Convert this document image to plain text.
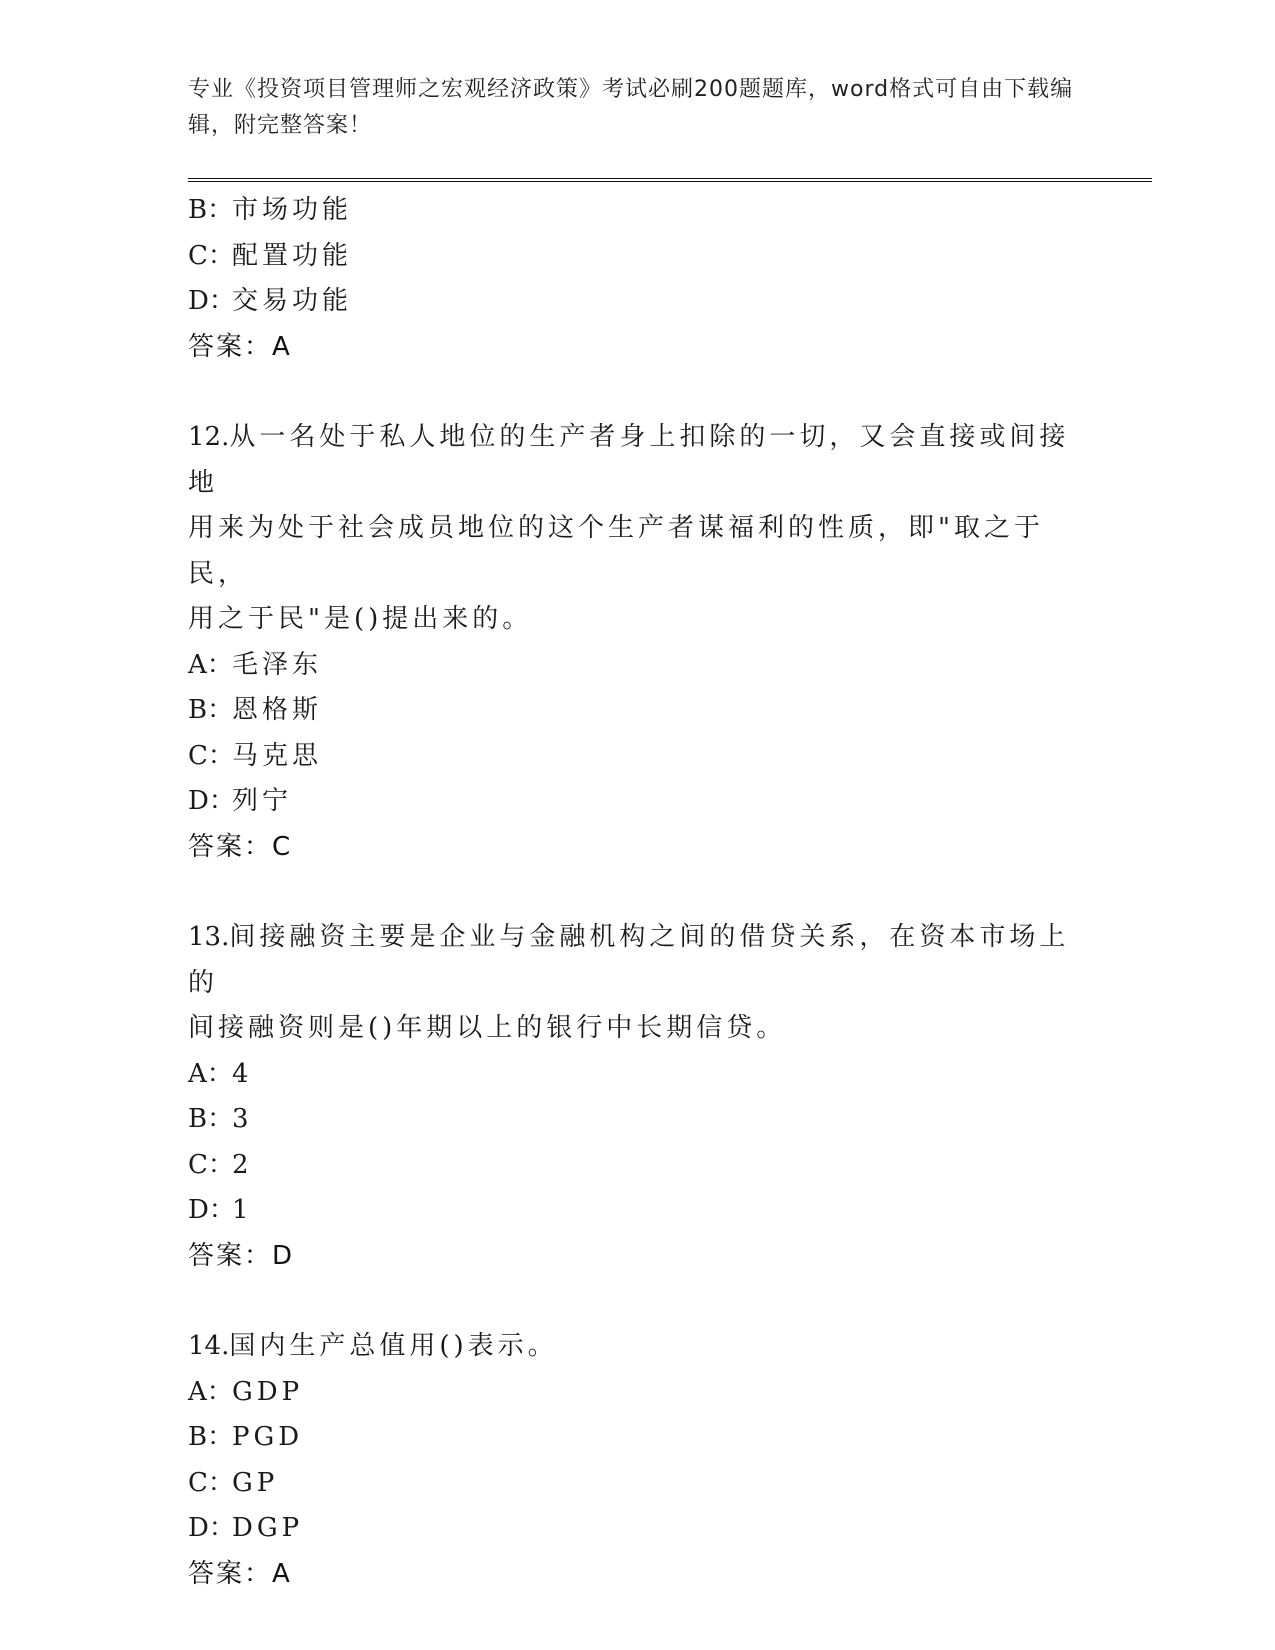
专业《投资项目管理师之宏观经济政策》考试必刷200题题库，word格式可自由下载编辑，附完整答案！
B：市场功能
C：配置功能
D：交易功能
答案：A
12.从一名处于私人地位的生产者身上扣除的一切，又会直接或间接地
用来为处于社会成员地位的这个生产者谋福利的性质，即"取之于民，
用之于民"是()提出来的。
A：毛泽东
B：恩格斯
C：马克思
D：列宁
答案：C
13.间接融资主要是企业与金融机构之间的借贷关系，在资本市场上的
间接融资则是()年期以上的银行中长期信贷。
A：4
B：3
C：2
D：1
答案：D
14.国内生产总值用()表示。
A：GDP
B：PGD
C：GP
D：DGP
答案：A
